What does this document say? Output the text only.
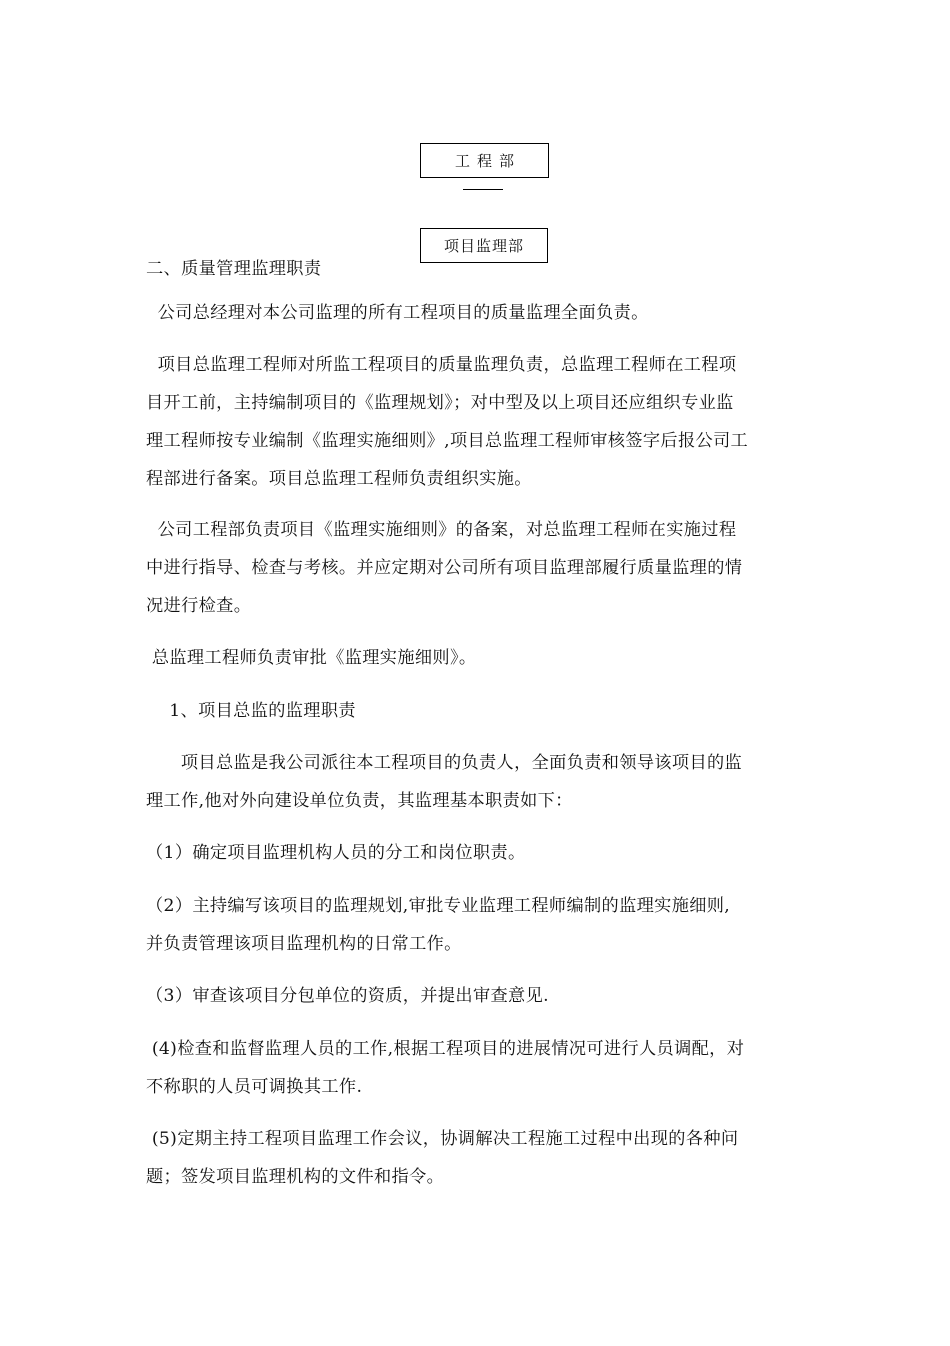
工程部
项目监理部
二、质量管理监理职责
公司总经理对本公司监理的所有工程项目的质量监理全面负责。
项目总监理工程师对所监工程项目的质量监理负责，总监理工程师在工程项
目开工前，主持编制项目的《监理规划》；对中型及以上项目还应组织专业监
理工程师按专业编制《监理实施细则》,项目总监理工程师审核签字后报公司工
程部进行备案。项目总监理工程师负责组织实施。
公司工程部负责项目《监理实施细则》的备案，对总监理工程师在实施过程
中进行指导、检查与考核。并应定期对公司所有项目监理部履行质量监理的情
况进行检查。
总监理工程师负责审批《监理实施细则》。
1、项目总监的监理职责
项目总监是我公司派往本工程项目的负责人，全面负责和领导该项目的监
理工作,他对外向建设单位负责，其监理基本职责如下：
（1）确定项目监理机构人员的分工和岗位职责。
（2）主持编写该项目的监理规划,审批专业监理工程师编制的监理实施细则,
并负责管理该项目监理机构的日常工作。
（3）审查该项目分包单位的资质，并提出审查意见.
(4)检查和监督监理人员的工作,根据工程项目的进展情况可进行人员调配，对
不称职的人员可调换其工作.
(5)定期主持工程项目监理工作会议，协调解决工程施工过程中出现的各种问
题；签发项目监理机构的文件和指令。
